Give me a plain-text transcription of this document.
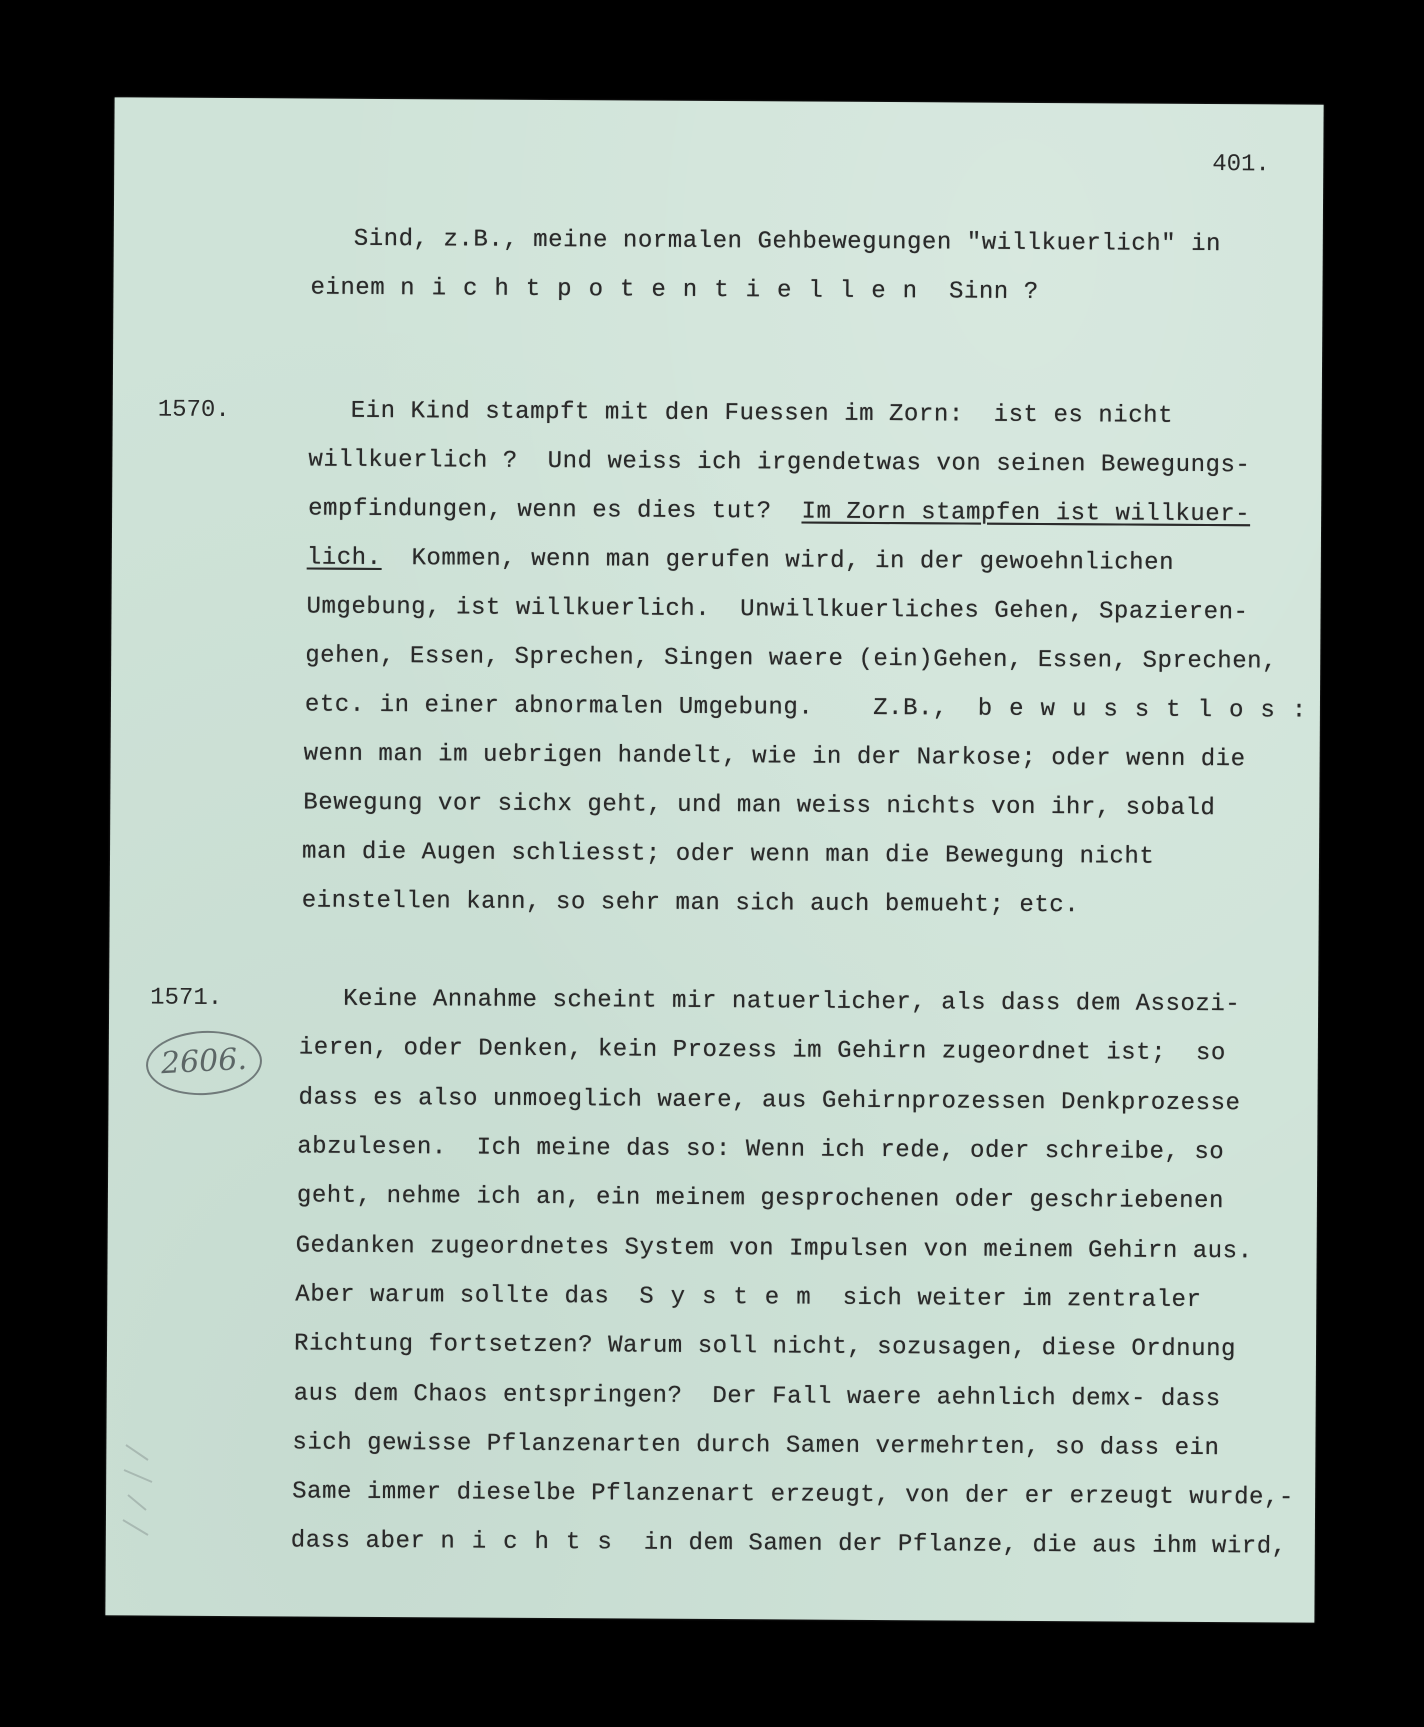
401.
Sind, z.B., meine normalen Gehbewegungen "willkuerlich" in
einem nichtpotentiellen Sinn ?
1570.	Ein Kind stampft mit den Fuessen im Zorn:  ist es nicht
willkuerlich ?  Und weiss ich irgendetwas von seinen Bewegungs-
empfindungen, wenn es dies tut?  Im Zorn stampfen ist willkuer-
lich.  Kommen, wenn man gerufen wird, in der gewoehnlichen
Umgebung, ist willkuerlich.  Unwillkuerliches Gehen, Spazieren-
gehen, Essen, Sprechen, Singen waere (ein)Gehen, Essen, Sprechen,
etc. in einer abnormalen Umgebung.    Z.B.,  bewusstlos:
wenn man im uebrigen handelt, wie in der Narkose; oder wenn die
Bewegung vor sichx geht, und man weiss nichts von ihr, sobald
man die Augen schliesst; oder wenn man die Bewegung nicht
einstellen kann, so sehr man sich auch bemueht; etc.
1571.	Keine Annahme scheint mir natuerlicher, als dass dem Assozi-
ieren, oder Denken, kein Prozess im Gehirn zugeordnet ist;  so
dass es also unmoeglich waere, aus Gehirnprozessen Denkprozesse
abzulesen.  Ich meine das so: Wenn ich rede, oder schreibe, so
geht, nehme ich an, ein meinem gesprochenen oder geschriebenen
Gedanken zugeordnetes System von Impulsen von meinem Gehirn aus.
Aber warum sollte das  System sich weiter im zentraler
Richtung fortsetzen? Warum soll nicht, sozusagen, diese Ordnung
aus dem Chaos entspringen?  Der Fall waere aehnlich demx- dass
sich gewisse Pflanzenarten durch Samen vermehrten, so dass ein
Same immer dieselbe Pflanzenart erzeugt, von der er erzeugt wurde,-
dass aber nichts in dem Samen der Pflanze, die aus ihm wird,
2606.
